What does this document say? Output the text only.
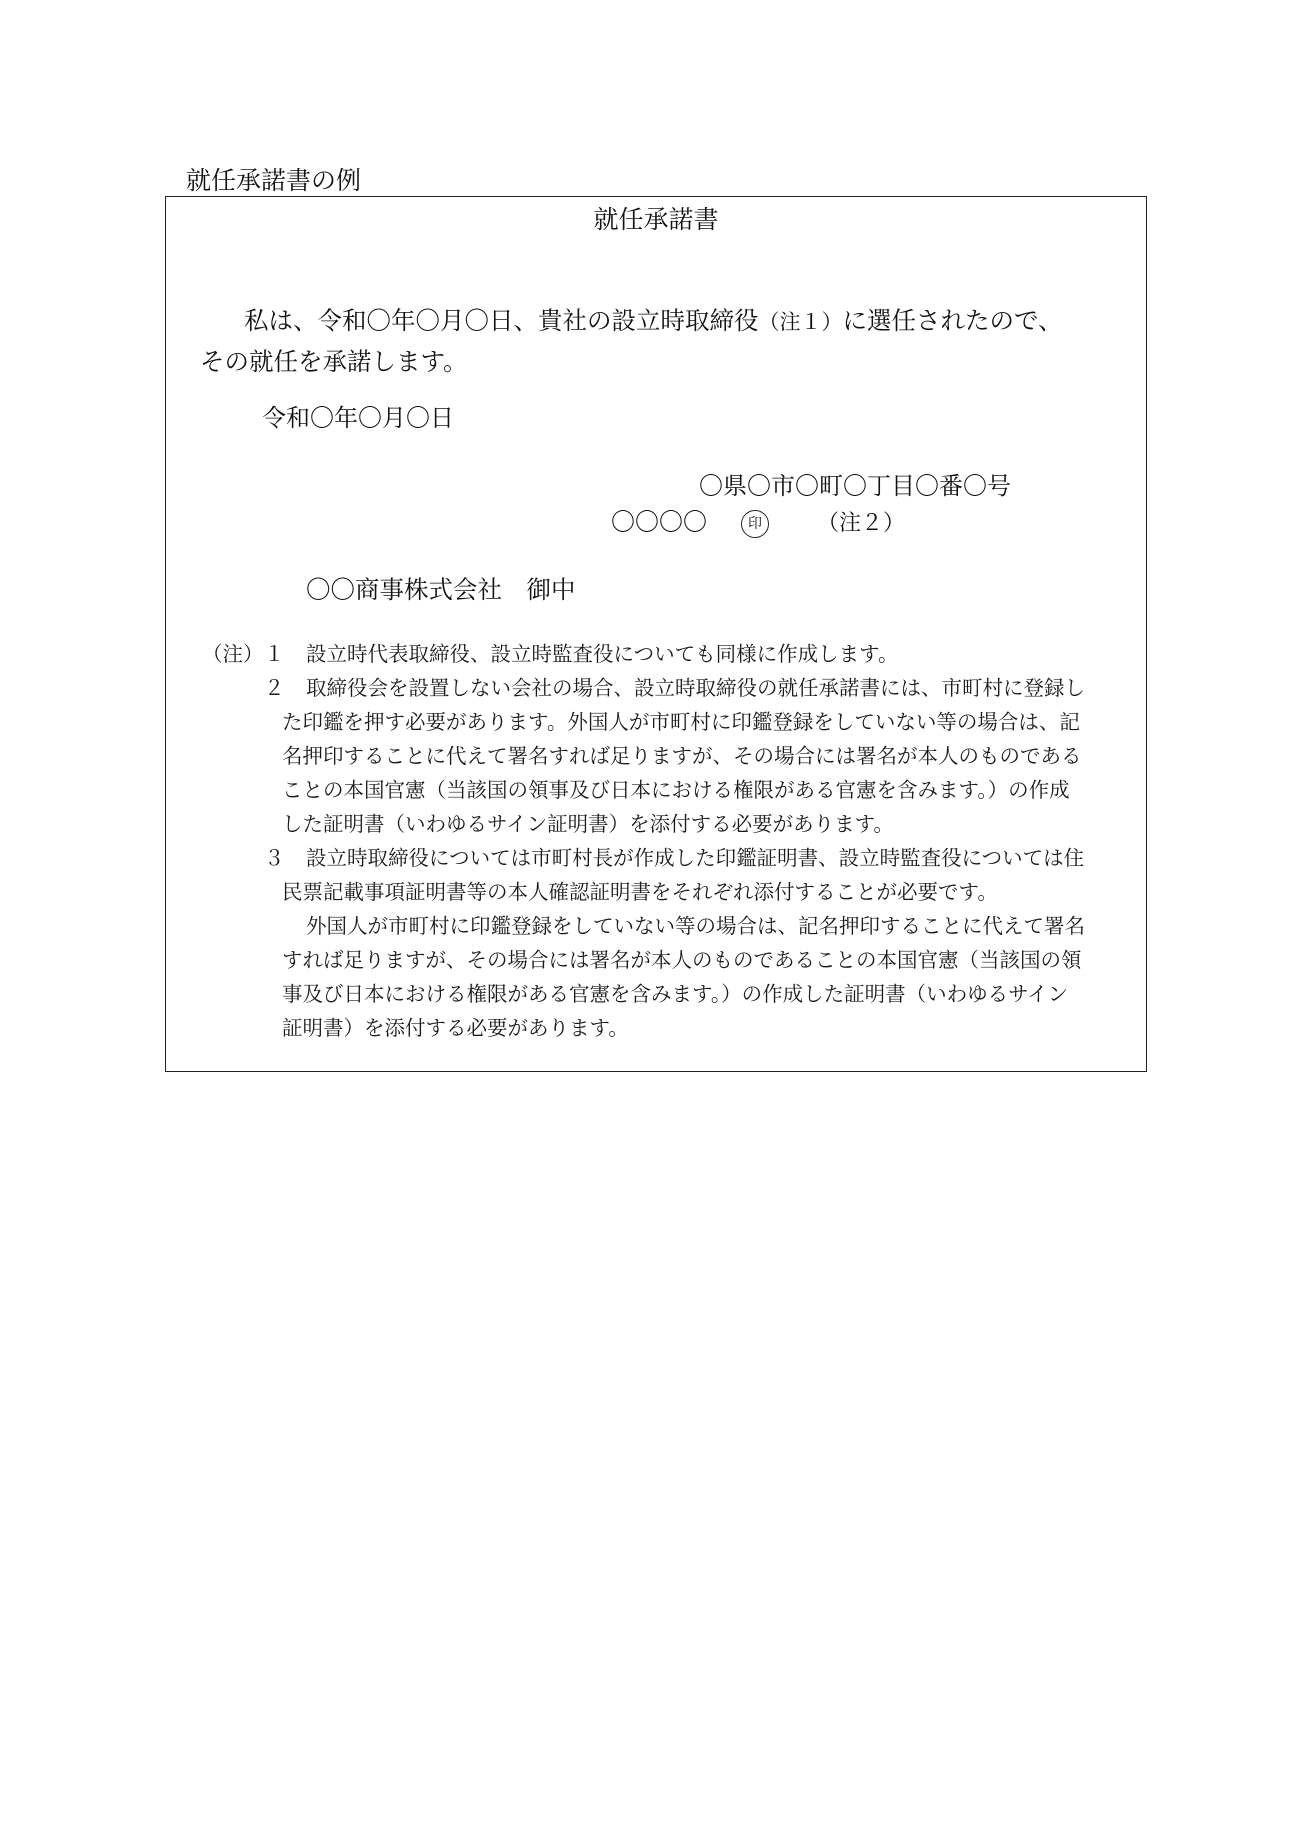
就任承諾書の例
就任承諾書
私は、令和〇年〇月〇日、貴社の設立時取締役（注１）に選任されたので、
その就任を承諾します。
令和〇年〇月〇日
〇県〇市〇町〇丁目〇番〇号
〇〇〇〇	印	（注２）
〇〇商事株式会社　御中
（注） １	設立時代表取締役、設立時監査役についても同様に作成します。
２	取締役会を設置しない会社の場合、設立時取締役の就任承諾書には、市町村に登録し
た印鑑を押す必要があります。外国人が市町村に印鑑登録をしていない等の場合は、記
名押印することに代えて署名すれば足りますが、その場合には署名が本人のものである
ことの本国官憲（当該国の領事及び日本における権限がある官憲を含みます。）の作成
した証明書（いわゆるサイン証明書）を添付する必要があります。
３	設立時取締役については市町村長が作成した印鑑証明書、設立時監査役については住
民票記載事項証明書等の本人確認証明書をそれぞれ添付することが必要です。
外国人が市町村に印鑑登録をしていない等の場合は、記名押印することに代えて署名
すれば足りますが、その場合には署名が本人のものであることの本国官憲（当該国の領
事及び日本における権限がある官憲を含みます。）の作成した証明書（いわゆるサイン
証明書）を添付する必要があります。
